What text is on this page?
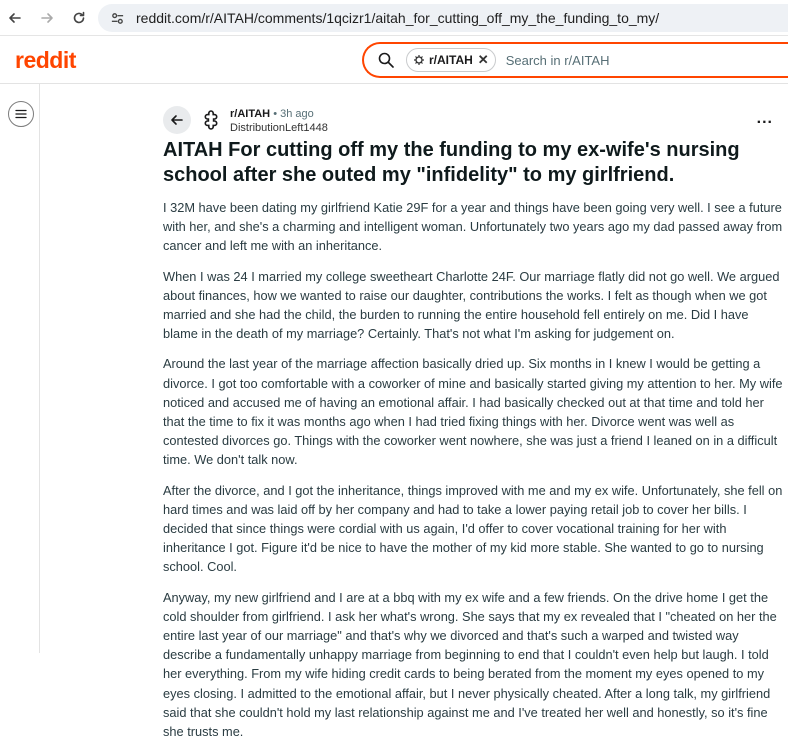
reddit.com/r/AITAH/comments/1qcizr1/aitah_for_cutting_off_my_the_funding_to_my/
reddit	r/AITAH ✕ Search in r/AITAH
r/AITAH • 3h ago
DistributionLeft1448
...
AITAH For cutting off my the funding to my ex-wife's nursing school after she outed my "infidelity" to my girlfriend.

I 32M have been dating my girlfriend Katie 29F for a year and things have been going very well. I see a future with her, and she's a charming and intelligent woman. Unfortunately two years ago my dad passed away from cancer and left me with an inheritance.

When I was 24 I married my college sweetheart Charlotte 24F. Our marriage flatly did not go well. We argued about finances, how we wanted to raise our daughter, contributions the works. I felt as though when we got married and she had the child, the burden to running the entire household fell entirely on me. Did I have blame in the death of my marriage? Certainly. That's not what I'm asking for judgement on.

Around the last year of the marriage affection basically dried up. Six months in I knew I would be getting a divorce. I got too comfortable with a coworker of mine and basically started giving my attention to her. My wife noticed and accused me of having an emotional affair. I had basically checked out at that time and told her that the time to fix it was months ago when I had tried fixing things with her. Divorce went was well as contested divorces go. Things with the coworker went nowhere, she was just a friend I leaned on in a difficult time. We don't talk now.

After the divorce, and I got the inheritance, things improved with me and my ex wife. Unfortunately, she fell on hard times and was laid off by her company and had to take a lower paying retail job to cover her bills. I decided that since things were cordial with us again, I'd offer to cover vocational training for her with inheritance I got. Figure it'd be nice to have the mother of my kid more stable. She wanted to go to nursing school. Cool.

Anyway, my new girlfriend and I are at a bbq with my ex wife and a few friends. On the drive home I get the cold shoulder from girlfriend. I ask her what's wrong. She says that my ex revealed that I "cheated on her the entire last year of our marriage" and that's why we divorced and that's such a warped and twisted way describe a fundamentally unhappy marriage from beginning to end that I couldn't even help but laugh. I told her everything. From my wife hiding credit cards to being berated from the moment my eyes opened to my eyes closing. I admitted to the emotional affair, but I never physically cheated. After a long talk, my girlfriend said that she couldn't hold my last relationship against me and I've treated her well and honestly, so it's fine she trusts me.
